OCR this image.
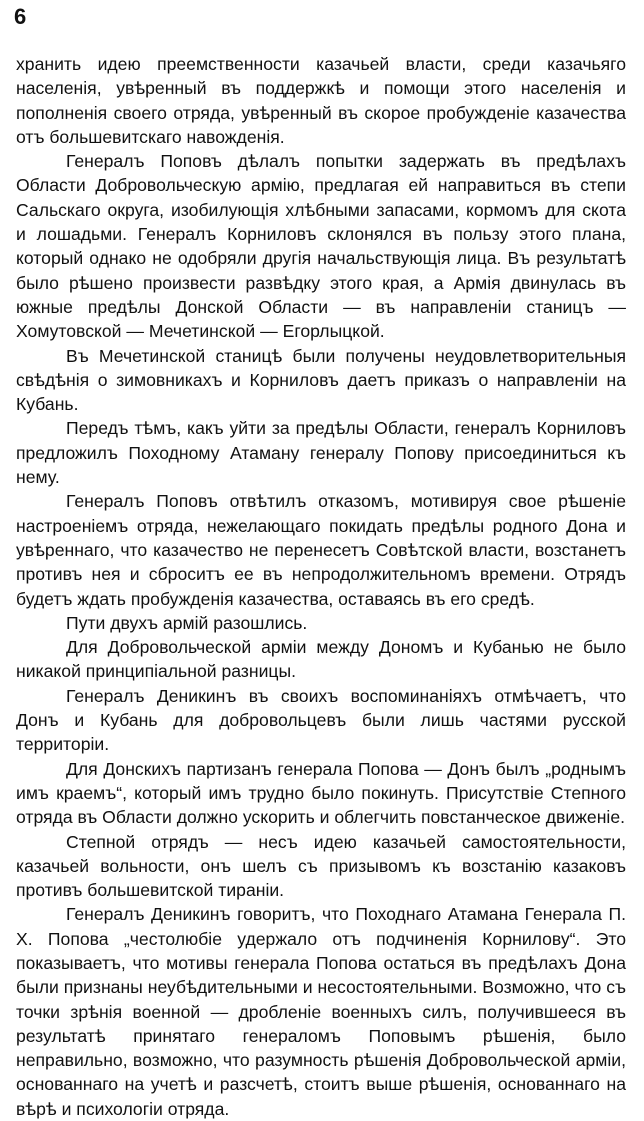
6

хранить идею преемственности казачьей власти, среди казачьяго населенія, увѣренный въ поддержкѣ и помощи этого населенія и пополненія своего отряда, увѣренный въ скорое пробужденіе казачества отъ большевитскаго навожденія.

Генералъ Поповъ дѣлалъ попытки задержать въ предѣлахъ Области Добровольческую армію, предлагая ей направиться въ степи Сальскаго округа, изобилующія хлѣбными запасами, кормомъ для скота и лошадьми. Генералъ Корниловъ склонялся въ пользу этого плана, который однако не одобряли другія начальствующія лица. Въ результатѣ было рѣшено произвести развѣдку этого края, а Армія двинулась въ южные предѣлы Донской Области — въ направленіи станицъ — Хомутовской — Мечетинской — Егорлыцкой.

Въ Мечетинской станицѣ были получены неудовлетворительныя свѣдѣнія о зимовникахъ и Корниловъ даетъ приказъ о направленіи на Кубань.

Передъ тѣмъ, какъ уйти за предѣлы Области, генералъ Корниловъ предложилъ Походному Атаману генералу Попову присоединиться къ нему.

Генералъ Поповъ отвѣтилъ отказомъ, мотивируя свое рѣшеніе настроеніемъ отряда, нежелающаго покидать предѣлы родного Дона и увѣреннаго, что казачество не перенесетъ Совѣтской власти, возстанетъ противъ нея и сброситъ ее въ непродолжительномъ времени. Отрядъ будетъ ждать пробужденія казачества, оставаясь въ его средѣ.

Пути двухъ армій разошлись.

Для Добровольческой арміи между Дономъ и Кубанью не было никакой принципіальной разницы.

Генералъ Деникинъ въ своихъ воспоминаніяхъ отмѣчаетъ, что Донъ и Кубань для добровольцевъ были лишь частями русской территоріи.

Для Донскихъ партизанъ генерала Попова — Донъ былъ „роднымъ имъ краемъ“, который имъ трудно было покинуть. Присутствіе Степного отряда въ Области должно ускорить и облегчить повстанческое движеніе.

Степной отрядъ — несъ идею казачьей самостоятельности, казачьей вольности, онъ шелъ съ призывомъ къ возстанію казаковъ противъ большевитской тираніи.

Генералъ Деникинъ говоритъ, что Походнаго Атамана Генерала П. Х. Попова „честолюбіе удержало отъ подчиненія Корнилову“. Это показываетъ, что мотивы генерала Попова остаться въ предѣлахъ Дона были признаны неубѣдительными и несостоятельными. Возможно, что съ точки зрѣнія военной — дробленіе военныхъ силъ, получившееся въ результатѣ принятаго генераломъ Поповымъ рѣшенія, было неправильно, возможно, что разумность рѣшенія Добровольческой арміи, основаннаго на учетѣ и разсчетѣ, стоитъ выше рѣшенія, основаннаго на вѣрѣ и психологіи отряда.
